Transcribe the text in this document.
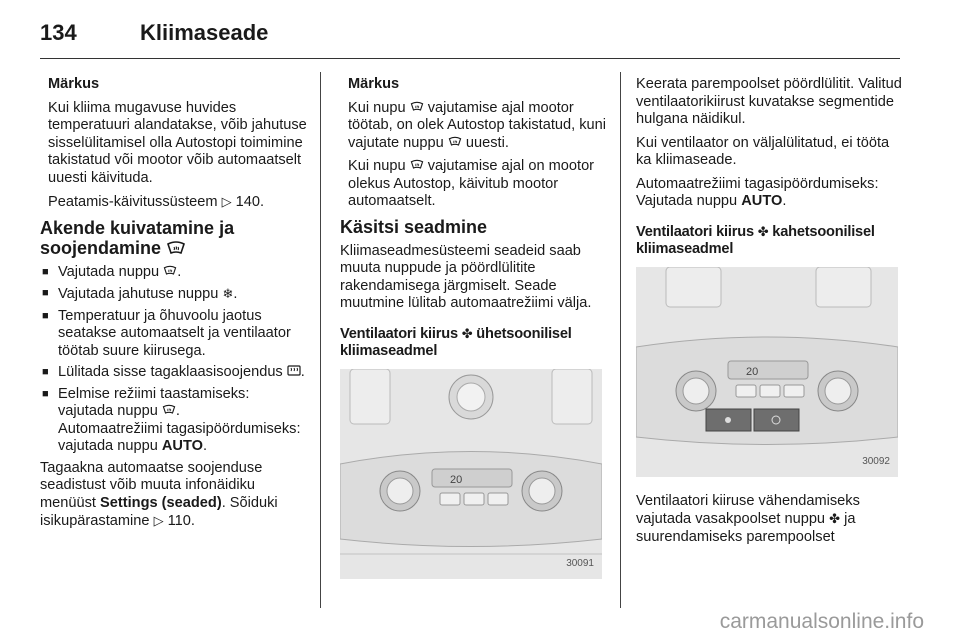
134	Kliimaseade

Märkus

Kui kliima mugavuse huvides temperatuuri alandatakse, võib jahutuse sisselülitamisel olla Autostopi toimimine takistatud või mootor võib automaatselt uuesti käivituda.

Peatamis-käivitussüsteem ▷ 140.

Akende kuivatamine ja soojendamine
■ Vajutada nuppu .
■ Vajutada jahutuse nuppu ❄.
■ Temperatuur ja õhuvoolu jaotus seatakse automaatselt ja ventilaator töötab suure kiirusega.
■ Lülitada sisse tagaklaasisoojendus .
■ Eelmise režiimi taastamiseks: vajutada nuppu .
Automaatrežiimi tagasipöördumiseks: vajutada nuppu AUTO.

Tagaakna automaatse soojenduse seadistust võib muuta infonäidiku menüüst Settings (seaded). Sõiduki isikupärastamine ▷ 110.

Märkus

Kui nupu vajutamise ajal mootor töötab, on olek Autostop takistatud, kuni vajutate nuppu uuesti.

Kui nupu vajutamise ajal on mootor olekus Autostop, käivitub mootor automaatselt.

Käsitsi seadmine

Kliimaseadmesüsteemi seadeid saab muuta nuppude ja pöördlülitite rakendamisega järgmiselt. Seade muutmine lülitab automaatrežiimi välja.

Ventilaatori kiirus ✤ ühetsoonilisel kliimaseadmel
20
30091

Keerata parempoolset pöördlülitit. Valitud ventilaatorikiirust kuvatakse segmentide hulgana näidikul.

Kui ventilaator on väljalülitatud, ei tööta ka kliimaseade.

Automaatrežiimi tagasipöördumiseks: Vajutada nuppu AUTO.

Ventilaatori kiirus ✤ kahetsoonilisel kliimaseadmel
20
30092

Ventilaatori kiiruse vähendamiseks vajutada vasakpoolset nuppu ✤ ja suurendamiseks parempoolset

carmanualsonline.info
